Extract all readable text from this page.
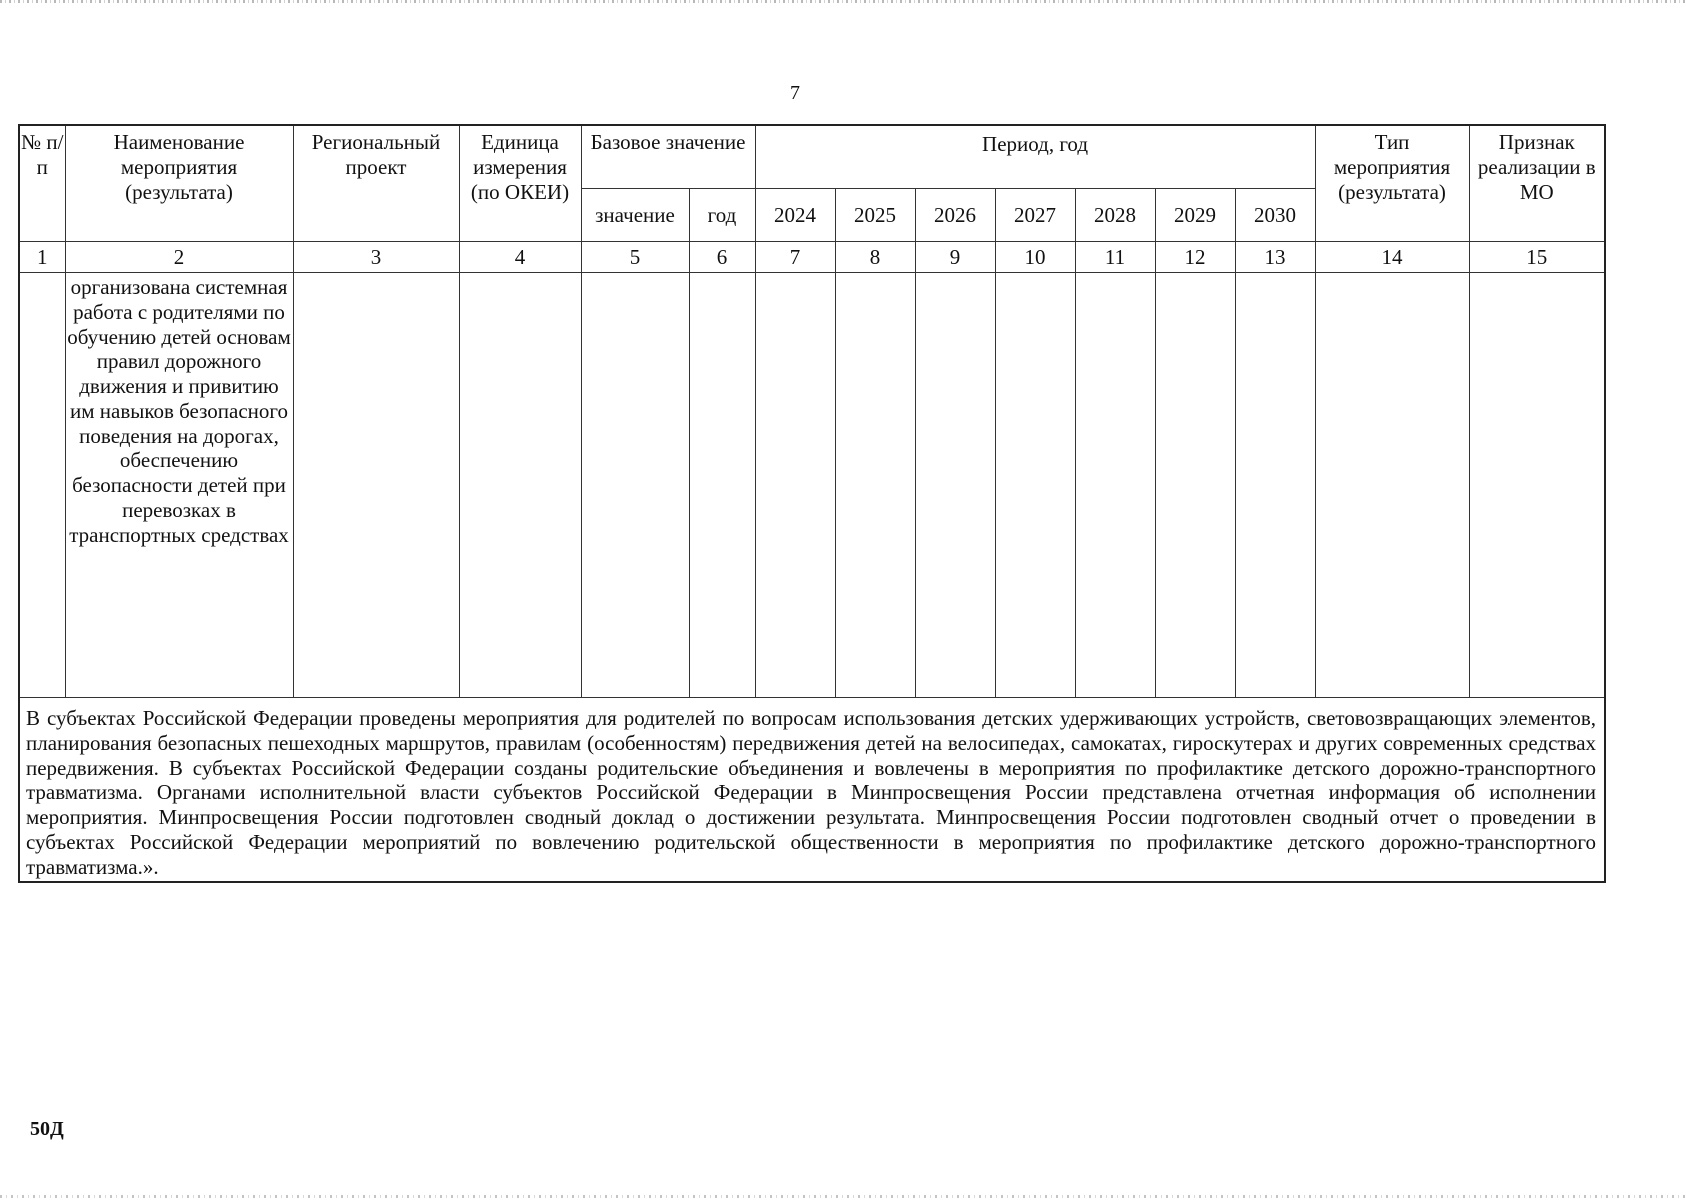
7
№ п/п	Наименование мероприятия (результата)	Региональный проект	Единица измерения (по ОКЕИ)	Базовое значение		Период, год							Тип мероприятия (результата)	Признак реализации в МО
				значение	год	2024	2025	2026	2027	2028	2029	2030		
1	2	3	4	5	6	7	8	9	10	11	12	13	14	15
	организована системная работа с родителями по обучению детей основам правил дорожного движения и привитию им навыков безопасного поведения на дорогах, обеспечению безопасности детей при перевозках в транспортных средствах													
В субъектах Российской Федерации проведены мероприятия для родителей по вопросам использования детских удерживающих устройств, световозвращающих элементов, планирования безопасных пешеходных маршрутов, правилам (особенностям) передвижения детей на велосипедах, самокатах, гироскутерах и других современных средствах передвижения. В субъектах Российской Федерации созданы родительские объединения и вовлечены в мероприятия по профилактике детского дорожно-транспортного травматизма. Органами исполнительной власти субъектов Российской Федерации в Минпросвещения России представлена отчетная информация об исполнении мероприятия. Минпросвещения России подготовлен сводный доклад о достижении результата. Минпросвещения России подготовлен сводный отчет о проведении в субъектах Российской Федерации мероприятий по вовлечению родительской общественности в мероприятия по профилактике детского дорожно-транспортного травматизма.».														
50Д
